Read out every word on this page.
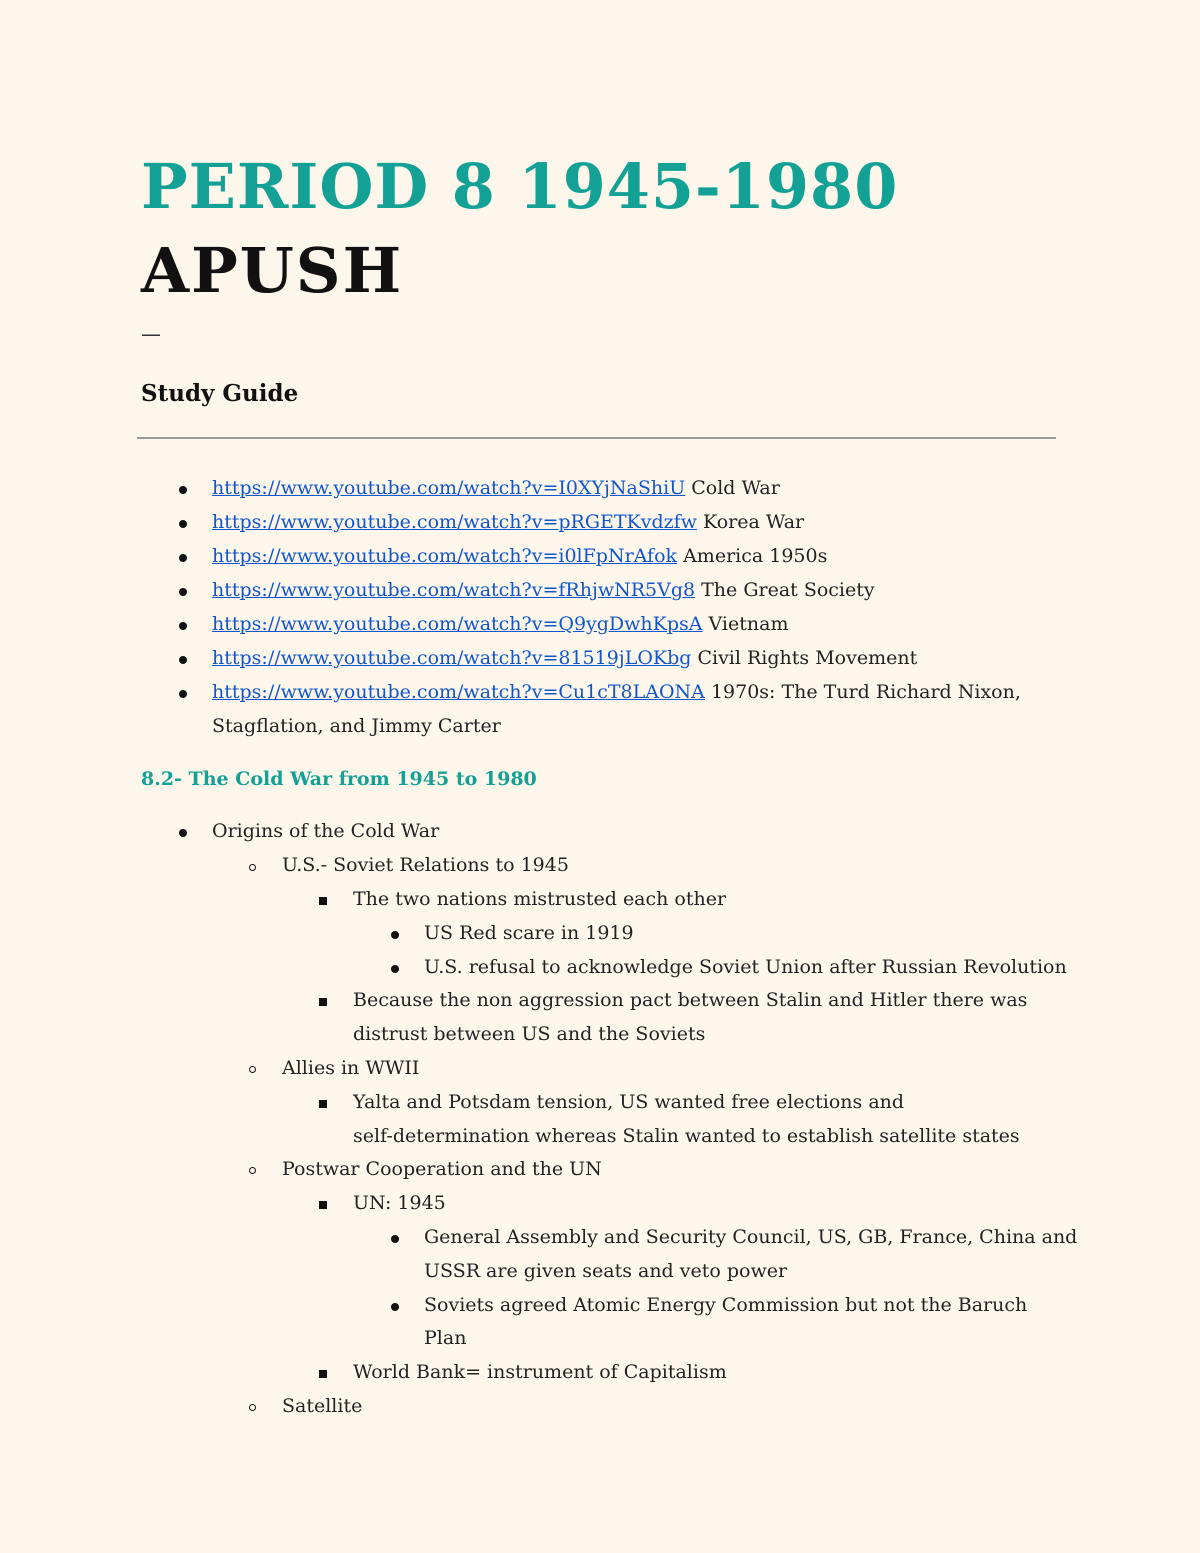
PERIOD 8 1945-1980
APUSH
—
Study Guide
https://www.youtube.com/watch?v=I0XYjNaShiU Cold War
https://www.youtube.com/watch?v=pRGETKvdzfw Korea War
https://www.youtube.com/watch?v=i0lFpNrAfok America 1950s
https://www.youtube.com/watch?v=fRhjwNR5Vg8 The Great Society
https://www.youtube.com/watch?v=Q9ygDwhKpsA Vietnam
https://www.youtube.com/watch?v=81519jLOKbg Civil Rights Movement
https://www.youtube.com/watch?v=Cu1cT8LAONA 1970s: The Turd Richard Nixon,
Stagflation, and Jimmy Carter
8.2- The Cold War from 1945 to 1980
Origins of the Cold War
U.S.- Soviet Relations to 1945
The two nations mistrusted each other
US Red scare in 1919
U.S. refusal to acknowledge Soviet Union after Russian Revolution
Because the non aggression pact between Stalin and Hitler there was
distrust between US and the Soviets
Allies in WWII
Yalta and Potsdam tension, US wanted free elections and
self-determination whereas Stalin wanted to establish satellite states
Postwar Cooperation and the UN
UN: 1945
General Assembly and Security Council, US, GB, France, China and
USSR are given seats and veto power
Soviets agreed Atomic Energy Commission but not the Baruch
Plan
World Bank= instrument of Capitalism
Satellite
